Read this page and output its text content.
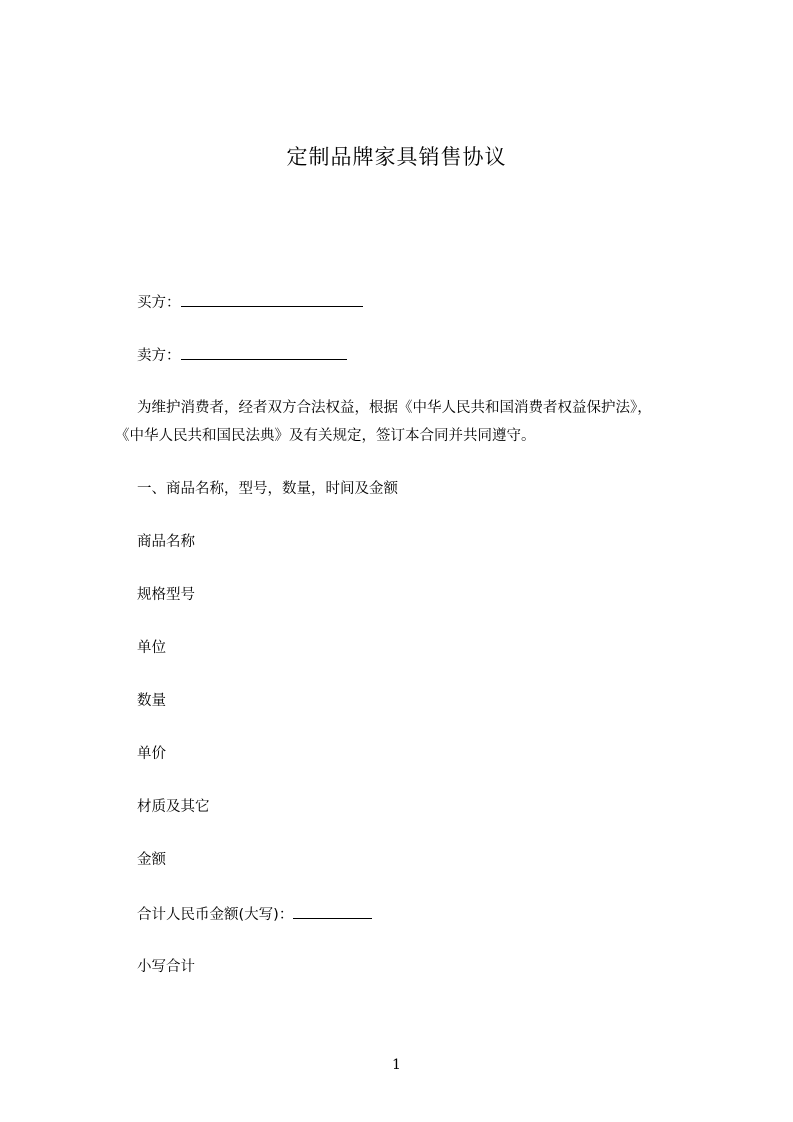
定制品牌家具销售协议
买方：
卖方：
为维护消费者，经者双方合法权益，根据《中华人民共和国消费者权益保护法》，
《中华人民共和国民法典》及有关规定，签订本合同并共同遵守。
一、商品名称，型号，数量，时间及金额
商品名称
规格型号
单位
数量
单价
材质及其它
金额
合计人民币金额(大写)：
小写合计
1
